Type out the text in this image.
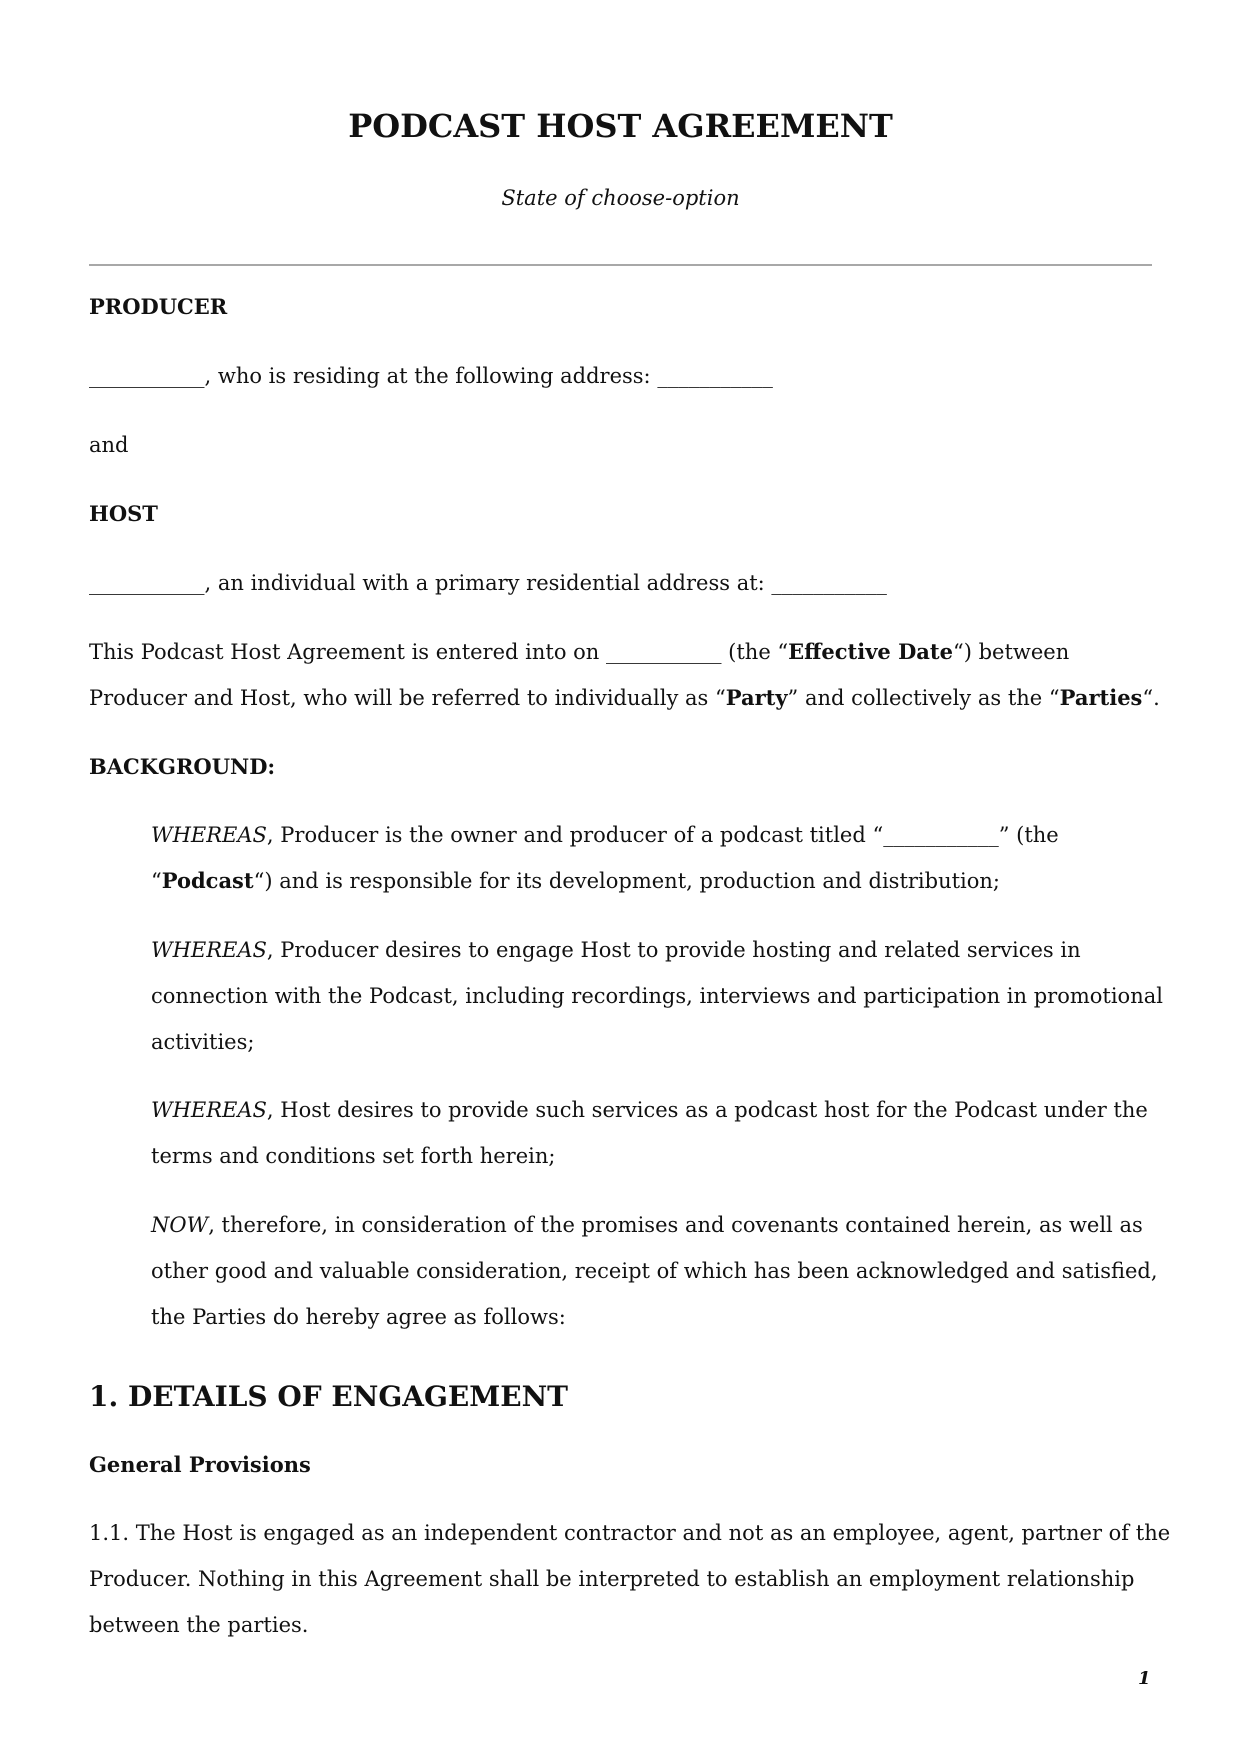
PODCAST HOST AGREEMENT
State of choose-option
PRODUCER
___________, who is residing at the following address: ___________
and
HOST
___________, an individual with a primary residential address at: ___________
This Podcast Host Agreement is entered into on ___________ (the “Effective Date“) between
Producer and Host, who will be referred to individually as “Party” and collectively as the “Parties“.
BACKGROUND:
WHEREAS, Producer is the owner and producer of a podcast titled “___________” (the
“Podcast“) and is responsible for its development, production and distribution;
WHEREAS, Producer desires to engage Host to provide hosting and related services in
connection with the Podcast, including recordings, interviews and participation in promotional
activities;
WHEREAS, Host desires to provide such services as a podcast host for the Podcast under the
terms and conditions set forth herein;
NOW, therefore, in consideration of the promises and covenants contained herein, as well as
other good and valuable consideration, receipt of which has been acknowledged and satisfied,
the Parties do hereby agree as follows:
1. DETAILS OF ENGAGEMENT
General Provisions
1.1. The Host is engaged as an independent contractor and not as an employee, agent, partner of the
Producer. Nothing in this Agreement shall be interpreted to establish an employment relationship
between the parties.
1
